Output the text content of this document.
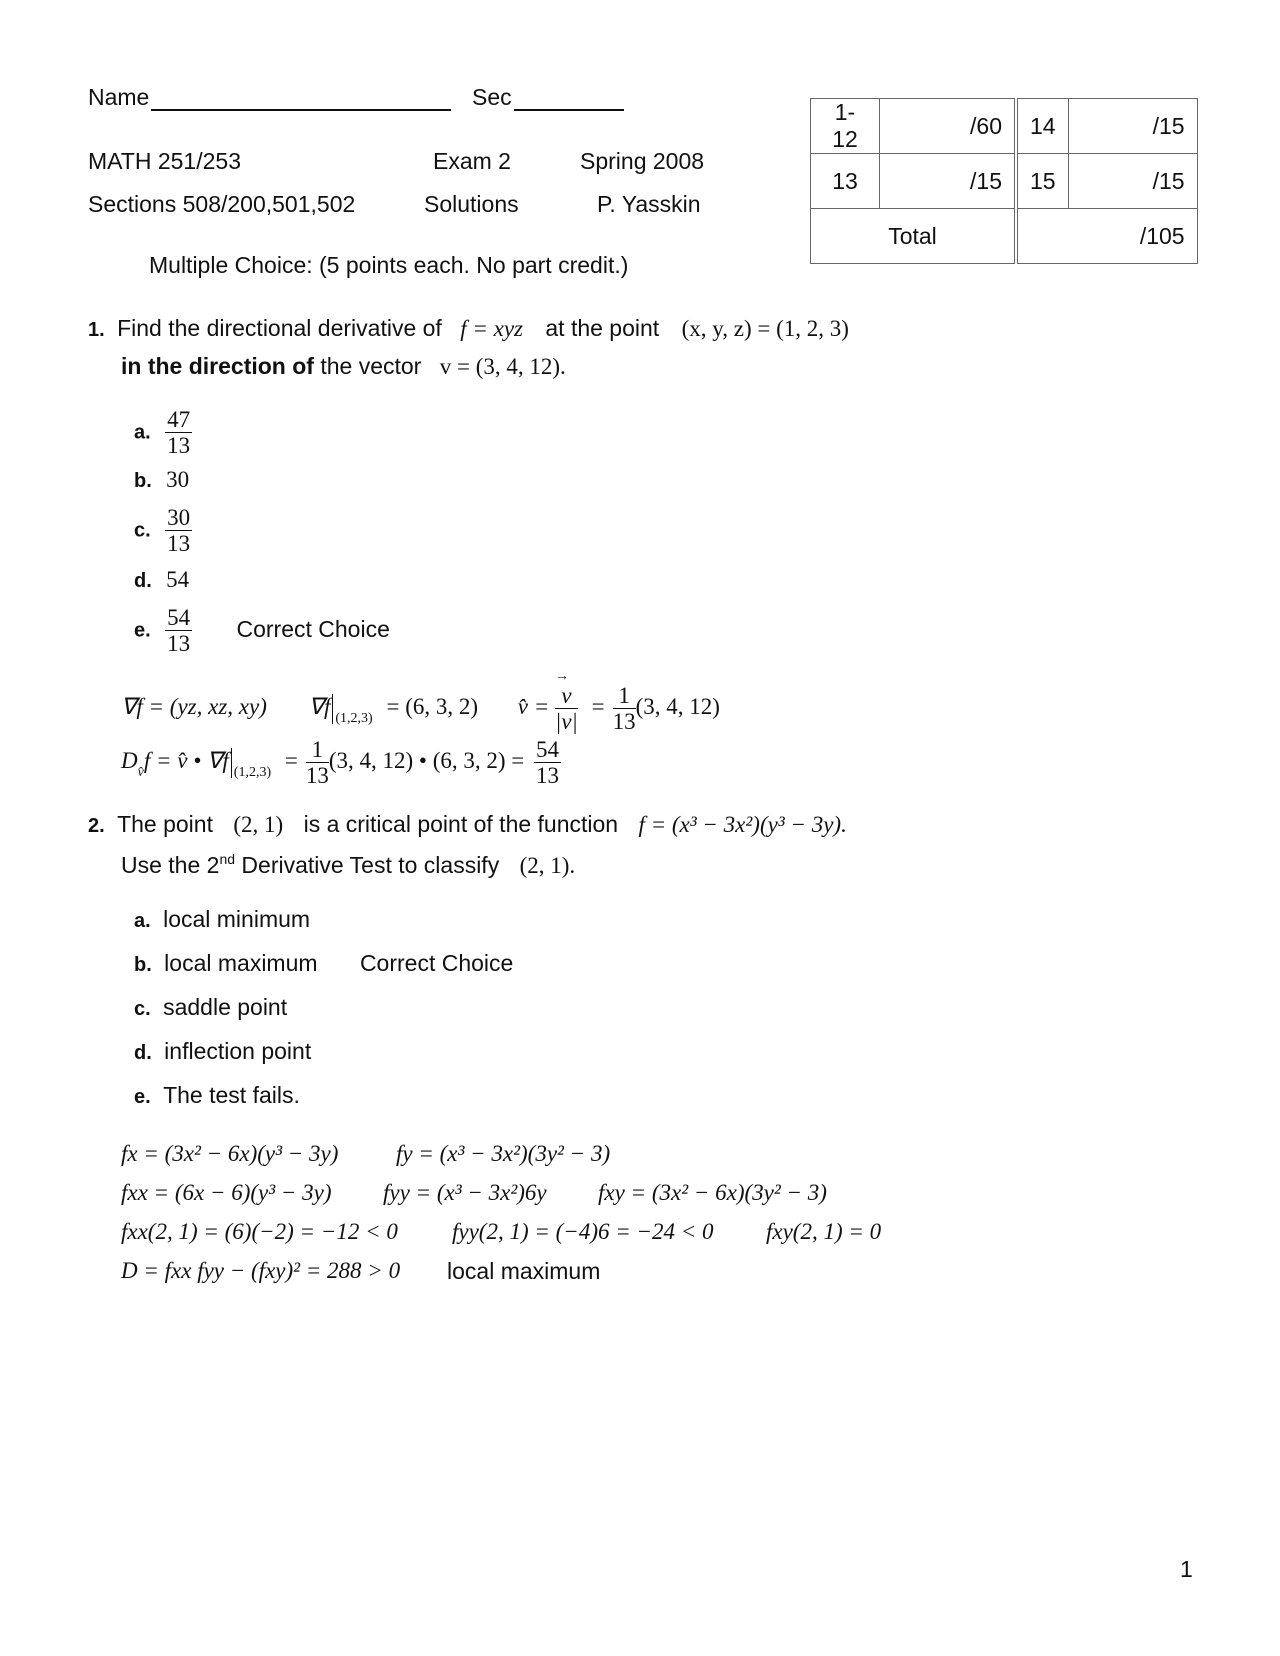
Name	Sec
MATH 251/253	Exam 2	Spring 2008
Sections 508/200,501,502	Solutions	P. Yasskin
1-12	/60	14	/15
13	/15	15	/15
Total		/105	
Multiple Choice: (5 points each. No part credit.)
1. Find the directional derivative of f = xyz at the point (x, y, z) = (1, 2, 3)
in the direction of the vector v = (3, 4, 12).
a. $\frac{47}{13}$
b. 30
c. $\frac{30}{13}$
d. 54
e. $\frac{54}{13}$ Correct Choice
∇f = (yz, xz, xy) ∇f $_{(1,2,3)}$ = (6, 3, 2) v̂ = → $\frac{v}{|v|} = \frac{1}{13} (3$, 4, 12)
$D_{v̂}f$ = v̂ • ∇f $_{(1,2,3)} = \frac{1}{13} (3$, 4, 12) • (6, 3, $2) = \frac{54}{13}$
2. The point (2, 1) is a critical point of the function f = (x³ − 3x²)(y³ − 3y).
Use the 2nd Derivative Test to classify (2, 1).
a. local minimum
b. local maximum Correct Choice
c. saddle point
d. inflection point
e. The test fails.
fx = (3x² − 6x)(y³ − 3y)	fy = (x³ − 3x²)(3y² − 3)
fxx = (6x − 6)(y³ − 3y) fyy = (x³ − 3x²)6y fxy = (3x² − 6x)(3y² − 3)
fxx(2, 1) = (6)(−2) = −12 < 0 fyy(2, 1) = (−4)6 = −24 < 0 fxy(2, 1) = 0
D = fxx fyy − (fxy)² = 288 > 0 local maximum
1
